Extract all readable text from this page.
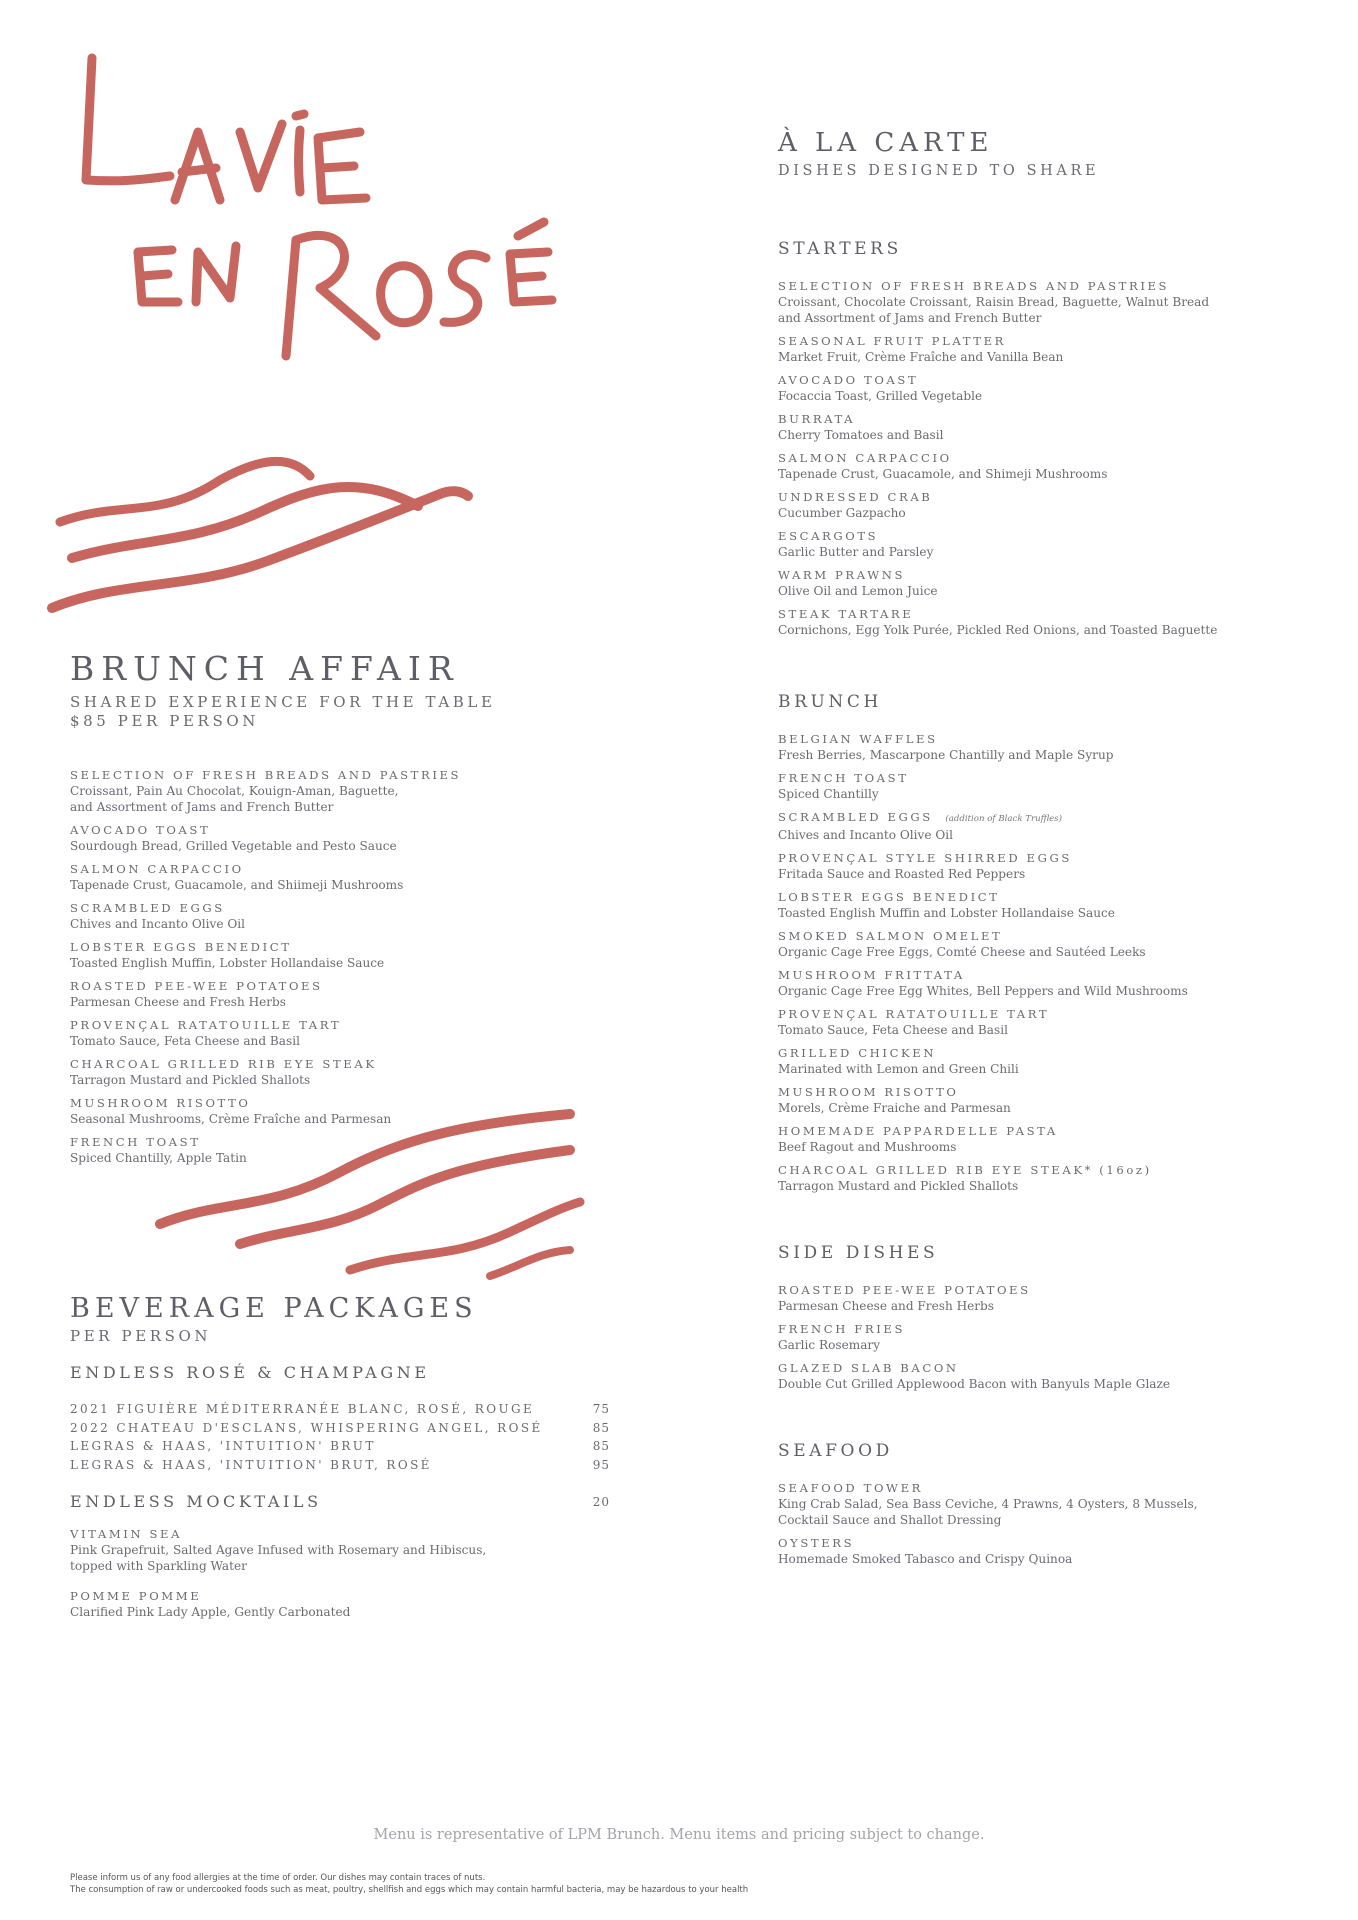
BRUNCH AFFAIR
SHARED EXPERIENCE FOR THE TABLE
$85 PER PERSON
SELECTION OF FRESH BREADS AND PASTRIES
Croissant, Pain Au Chocolat, Kouign-Aman, Baguette,
and Assortment of Jams and French Butter
AVOCADO TOAST
Sourdough Bread, Grilled Vegetable and Pesto Sauce
SALMON CARPACCIO
Tapenade Crust, Guacamole, and Shiimeji Mushrooms
SCRAMBLED EGGS
Chives and Incanto Olive Oil
LOBSTER EGGS BENEDICT
Toasted English Muffin, Lobster Hollandaise Sauce
ROASTED PEE-WEE POTATOES
Parmesan Cheese and Fresh Herbs
PROVENÇAL RATATOUILLE TART
Tomato Sauce, Feta Cheese and Basil
CHARCOAL GRILLED RIB EYE STEAK
Tarragon Mustard and Pickled Shallots
MUSHROOM RISOTTO
Seasonal Mushrooms, Crème Fraîche and Parmesan
FRENCH TOAST
Spiced Chantilly, Apple Tatin
BEVERAGE PACKAGES
PER PERSON
ENDLESS ROSÉ & CHAMPAGNE
2021 FIGUIÈRE MÉDITERRANÉE BLANC, ROSÉ, ROUGE	75
2022 CHATEAU D'ESCLANS, WHISPERING ANGEL, ROSÉ	85
LEGRAS & HAAS, 'INTUITION' BRUT	85
LEGRAS & HAAS, 'INTUITION' BRUT, ROSÉ	95
ENDLESS MOCKTAILS	20
VITAMIN SEA
Pink Grapefruit, Salted Agave Infused with Rosemary and Hibiscus,
topped with Sparkling Water
POMME POMME
Clarified Pink Lady Apple, Gently Carbonated
À LA CARTE
DISHES DESIGNED TO SHARE
STARTERS
SELECTION OF FRESH BREADS AND PASTRIES
Croissant, Chocolate Croissant, Raisin Bread, Baguette, Walnut Bread
and Assortment of Jams and French Butter
SEASONAL FRUIT PLATTER
Market Fruit, Crème Fraîche and Vanilla Bean
AVOCADO TOAST
Focaccia Toast, Grilled Vegetable
BURRATA
Cherry Tomatoes and Basil
SALMON CARPACCIO
Tapenade Crust, Guacamole, and Shimeji Mushrooms
UNDRESSED CRAB
Cucumber Gazpacho
ESCARGOTS
Garlic Butter and Parsley
WARM PRAWNS
Olive Oil and Lemon Juice
STEAK TARTARE
Cornichons, Egg Yolk Purée, Pickled Red Onions, and Toasted Baguette
BRUNCH
BELGIAN WAFFLES
Fresh Berries, Mascarpone Chantilly and Maple Syrup
FRENCH TOAST
Spiced Chantilly
SCRAMBLED EGGS (addition of Black Truffles)
Chives and Incanto Olive Oil
PROVENÇAL STYLE SHIRRED EGGS
Fritada Sauce and Roasted Red Peppers
LOBSTER EGGS BENEDICT
Toasted English Muffin and Lobster Hollandaise Sauce
SMOKED SALMON OMELET
Organic Cage Free Eggs, Comté Cheese and Sautéed Leeks
MUSHROOM FRITTATA
Organic Cage Free Egg Whites, Bell Peppers and Wild Mushrooms
PROVENÇAL RATATOUILLE TART
Tomato Sauce, Feta Cheese and Basil
GRILLED CHICKEN
Marinated with Lemon and Green Chili
MUSHROOM RISOTTO
Morels, Crème Fraiche and Parmesan
HOMEMADE PAPPARDELLE PASTA
Beef Ragout and Mushrooms
CHARCOAL GRILLED RIB EYE STEAK* (16oz)
Tarragon Mustard and Pickled Shallots
SIDE DISHES
ROASTED PEE-WEE POTATOES
Parmesan Cheese and Fresh Herbs
FRENCH FRIES
Garlic Rosemary
GLAZED SLAB BACON
Double Cut Grilled Applewood Bacon with Banyuls Maple Glaze
SEAFOOD
SEAFOOD TOWER
King Crab Salad, Sea Bass Ceviche, 4 Prawns, 4 Oysters, 8 Mussels,
Cocktail Sauce and Shallot Dressing
OYSTERS
Homemade Smoked Tabasco and Crispy Quinoa
Menu is representative of LPM Brunch. Menu items and pricing subject to change.
Please inform us of any food allergies at the time of order. Our dishes may contain traces of nuts.
The consumption of raw or undercooked foods such as meat, poultry, shellfish and eggs which may contain harmful bacteria, may be hazardous to your health
